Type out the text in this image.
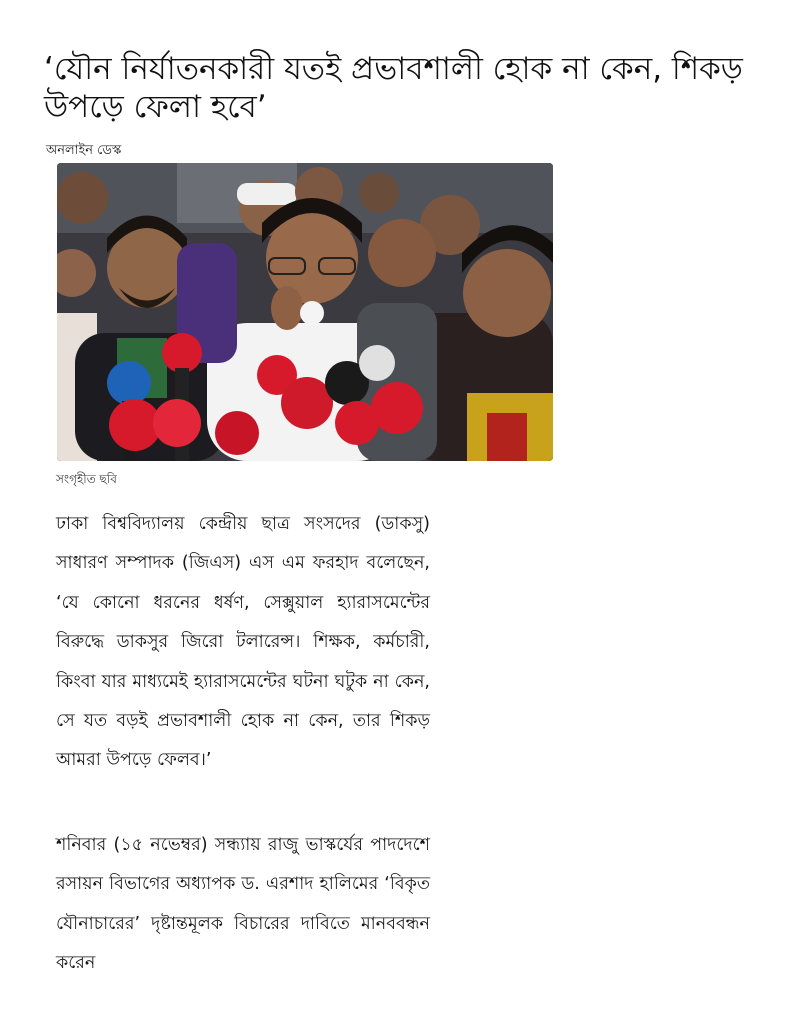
‘যৌন নির্যাতনকারী যতই প্রভাবশালী হোক না কেন, শিকড় উপড়ে ফেলা হবে’
অনলাইন ডেস্ক
সংগৃহীত ছবি

ঢাকা বিশ্ববিদ্যালয় কেন্দ্রীয় ছাত্র সংসদের (ডাকসু) সাধারণ সম্পাদক (জিএস) এস এম ফরহাদ বলেছেন, ‘যে কোনো ধরনের ধর্ষণ, সেক্সুয়াল হ্যারাসমেন্টের বিরুদ্ধে ডাকসুর জিরো টলারেন্স। শিক্ষক, কর্মচারী, কিংবা যার মাধ্যমেই হ্যারাসমেন্টের ঘটনা ঘটুক না কেন, সে যত বড়ই প্রভাবশালী হোক না কেন, তার শিকড় আমরা উপড়ে ফেলব।’

শনিবার (১৫ নভেম্বর) সন্ধ্যায় রাজু ভাস্কর্যের পাদদেশে রসায়ন বিভাগের অধ্যাপক ড. এরশাদ হালিমের ‘বিকৃত যৌনাচারের’ দৃষ্টান্তমূলক বিচারের দাবিতে মানববন্ধন করেন
